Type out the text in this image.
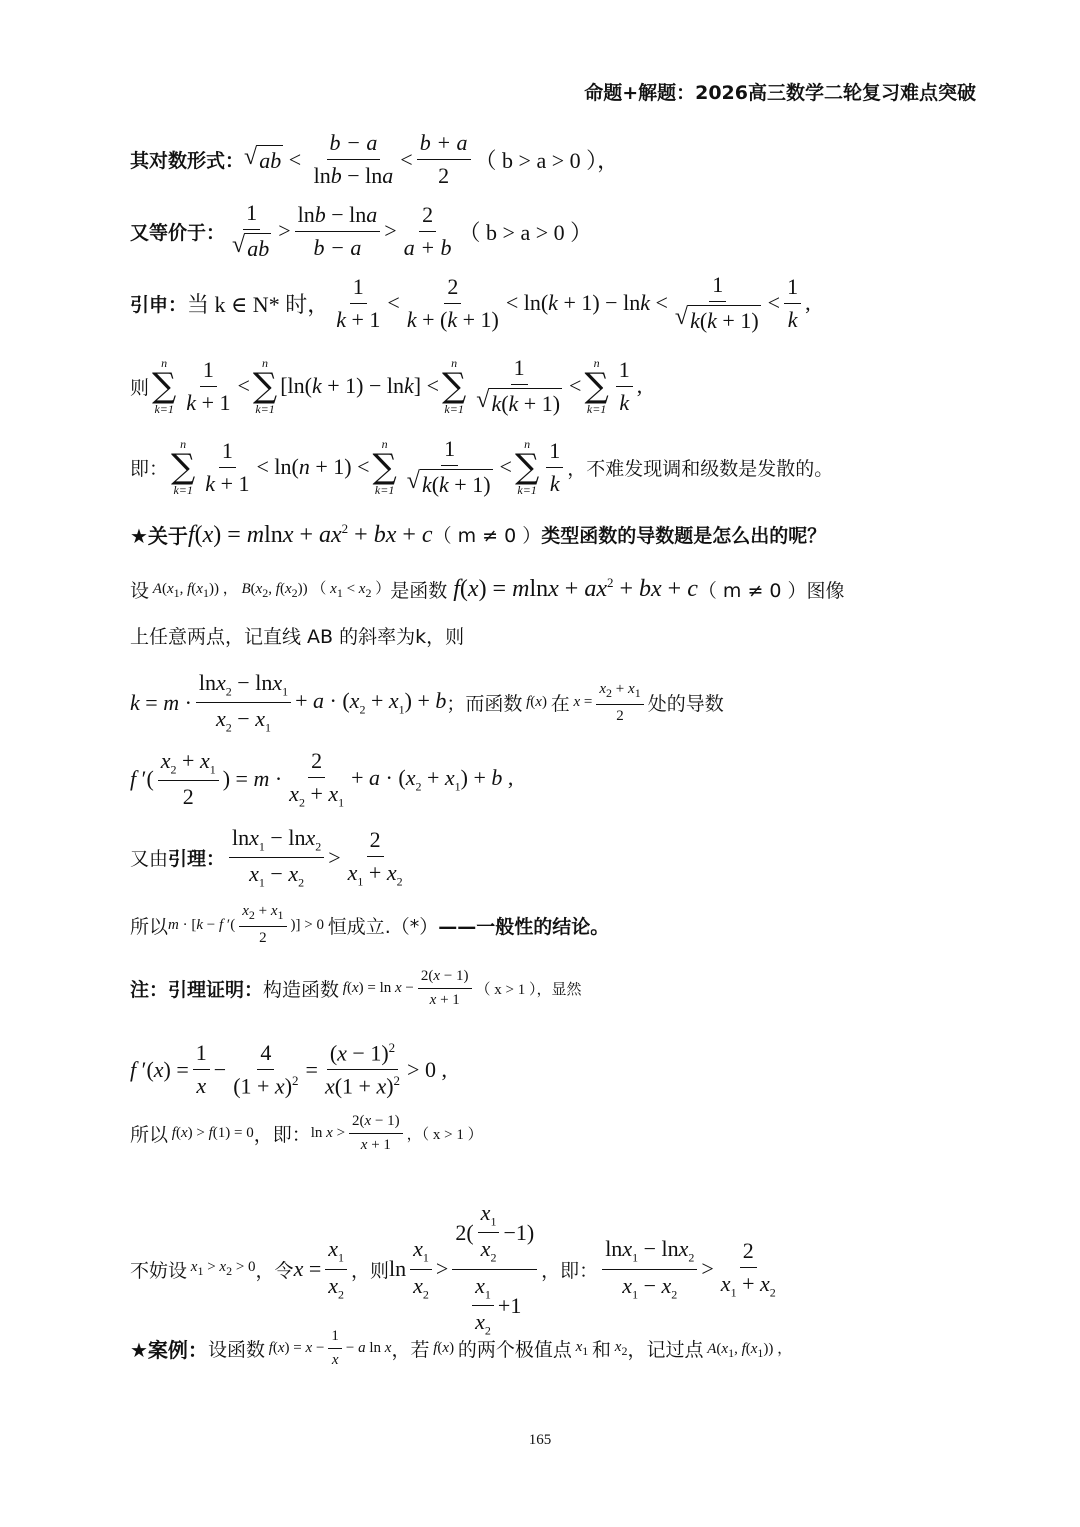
命题+解题：2026高三数学二轮复习难点突破
其对数形式： √ ab < $\frac{b - a}{\ln b - \ln a} < \frac{b + a}{2}$ （ b > a > 0 ），
又等价于： $\frac{1}{√ ab} > \frac{\ln b - \ln a}{b - a} > \frac{2}{a + b}$ （ b > a > 0 ）
引申： 当 k ∈ N* 时， $\frac{1}{k + 1} < \frac{2}{k + (k + 1)} < \ln(k + 1) - \ln k < \frac{1}{√ k(k + 1)} < \frac{1}{k}$ ,
则
n
∑
$k=1 \frac{1}{k + 1}$ <
n
∑
k=1
[ln(k + 1) − lnk] <
n
∑
$k=1 \frac{1}{√ k(k + 1)}$ <
n
∑
$k=1 \frac{1}{k}$ ,
即：
n
∑
$k=1 \frac{1}{k + 1} < \ln(n + 1)$ <
n
∑
$k=1 \frac{1}{√ k(k + 1)}$ <
n
∑
$k=1 \frac{1}{k}$ ，不难发现调和级数是发散的。
★关于 $f(x) = mlnx + ax^2$ + bx + c （ m ≠ 0 ） 类型函数的导数题是怎么出的呢？
设 $A(x_1$, $f(x_1)$) ， $B(x_2$, $f(x_2)$) （ $x_1 < x_2$ ） 是函数 $f(x) = mlnx + ax^2$ + bx + c （ m ≠ 0 ）图像
上任意两点，记直线 AB 的斜率为k，则
$k = m \cdot \frac{\ln x_2 - \ln x_1}{x_2 - x_1} + a \cdot (x_2 + x_1) + b$ ；而函数 f(x) 在 $x = \frac{x_2 + x_1}{2}$ 处的导数
f ′( $\frac{x_2 + x_1}{2}$ ) = $m \cdot \frac{2}{x_2 + x_1} + a \cdot (x_2 + x_1) + b$ ,
又由 引理： $\frac{\ln x_1 - \ln x_2}{x_1 - x_2} > \frac{2}{x_1 + x_2}$
所以 m · [k − f ′( $\frac{x_2 + x_1}{2}$ )] > 0 恒成立.（*） ——一般性的结论。
注：引理证明： 构造函数 $f(x) = \ln x - \frac{2(x - 1)}{x + 1}$ （ x > 1 ），显然
f $'(x) = \frac{1}{x} - \frac{4}{(1 + x)^2} = \frac{(x - 1)^2}{x(1 + x)^2} > 0$ ,
所以 f(x) > f(1) = 0 ，即： $\ln x > \frac{2(x - 1)}{x + 1}$ ，（ x > 1 ）
不妨设 $x_1 > x_2 > 0$ ，令 $x = \frac{x_1}{x_2}$ ，则 $\ln \frac{x_1}{x_2} > \frac{2( \frac{x_1}{x_2} -1)}{\frac{x_1}{x_2} +1}$ ，即： $\frac{\ln x_1 - \ln x_2}{x_1 - x_2} > \frac{2}{x_1 + x_2}$
★案例： 设函数 $f(x) = x - \frac{1}{x} - a$ ln x ，若 f(x) 的两个极值点 $x_1$ 和 $x_2$ ，记过点 $A(x_1$, $f(x_1)$) ，
165
